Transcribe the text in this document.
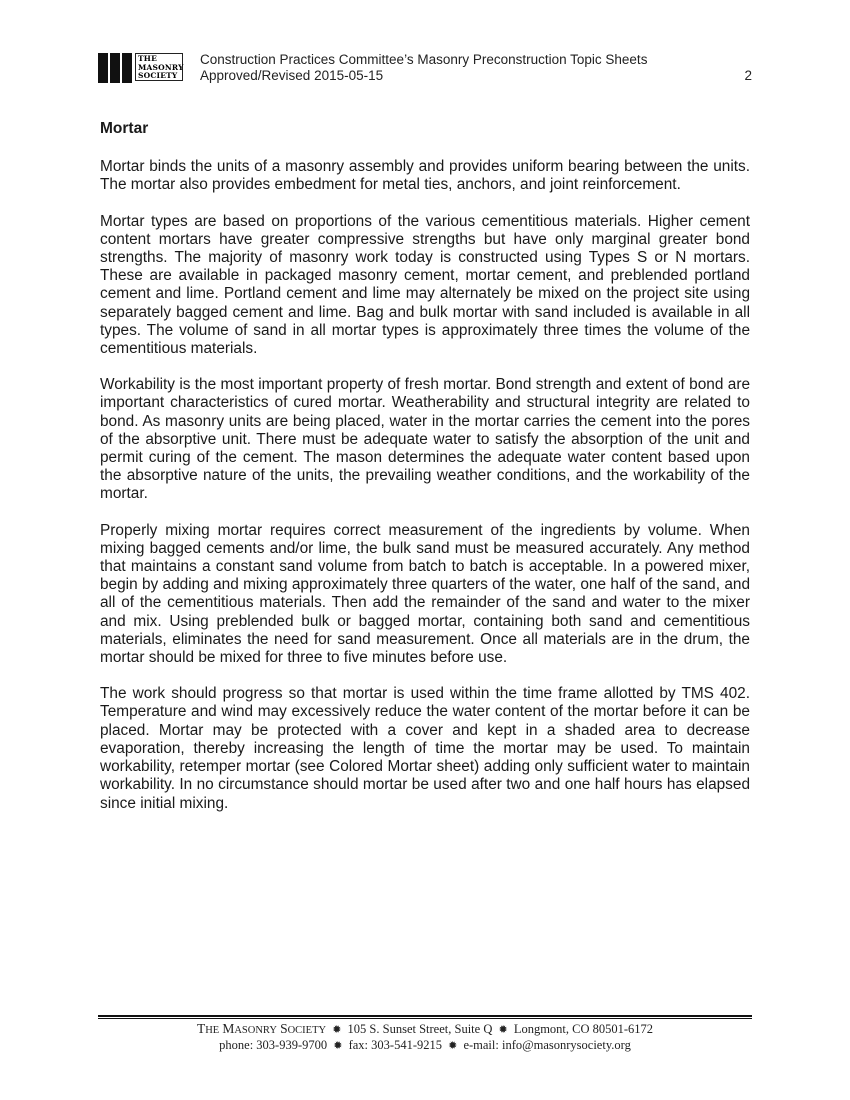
THE
MASONRY
SOCIETY
Construction Practices Committee’s Masonry Preconstruction Topic Sheets
Approved/Revised 2015-05-15	2
Mortar

Mortar binds the units of a masonry assembly and provides uniform bearing between the units. The mortar also provides embedment for metal ties, anchors, and joint reinforcement.

Mortar types are based on proportions of the various cementitious materials. Higher cement content mortars have greater compressive strengths but have only marginal greater bond strengths. The majority of masonry work today is constructed using Types S or N mortars. These are available in packaged masonry cement, mortar cement, and preblended portland cement and lime. Portland cement and lime may alternately be mixed on the project site using separately bagged cement and lime. Bag and bulk mortar with sand included is available in all types. The volume of sand in all mortar types is approximately three times the volume of the cementitious materials.

Workability is the most important property of fresh mortar. Bond strength and extent of bond are important characteristics of cured mortar. Weatherability and structural integrity are related to bond. As masonry units are being placed, water in the mortar carries the cement into the pores of the absorptive unit. There must be adequate water to satisfy the absorption of the unit and permit curing of the cement. The mason determines the adequate water content based upon the absorptive nature of the units, the prevailing weather conditions, and the workability of the mortar.

Properly mixing mortar requires correct measurement of the ingredients by volume. When mixing bagged cements and/or lime, the bulk sand must be measured accurately. Any method that maintains a constant sand volume from batch to batch is acceptable. In a powered mixer, begin by adding and mixing approximately three quarters of the water, one half of the sand, and all of the cementitious materials. Then add the remainder of the sand and water to the mixer and mix. Using preblended bulk or bagged mortar, containing both sand and cementitious materials, eliminates the need for sand measurement. Once all materials are in the drum, the mortar should be mixed for three to five minutes before use.

The work should progress so that mortar is used within the time frame allotted by TMS 402. Temperature and wind may excessively reduce the water content of the mortar before it can be placed. Mortar may be protected with a cover and kept in a shaded area to decrease evaporation, thereby increasing the length of time the mortar may be used. To maintain workability, retemper mortar (see Colored Mortar sheet) adding only sufficient water to maintain workability. In no circumstance should mortar be used after two and one half hours has elapsed since initial mixing.

THE MASONRY SOCIETY ✹ 105 S. Sunset Street, Suite Q ✹ Longmont, CO 80501-6172
phone: 303-939-9700 ✹ fax: 303-541-9215 ✹ e-mail: info@masonrysociety.org
